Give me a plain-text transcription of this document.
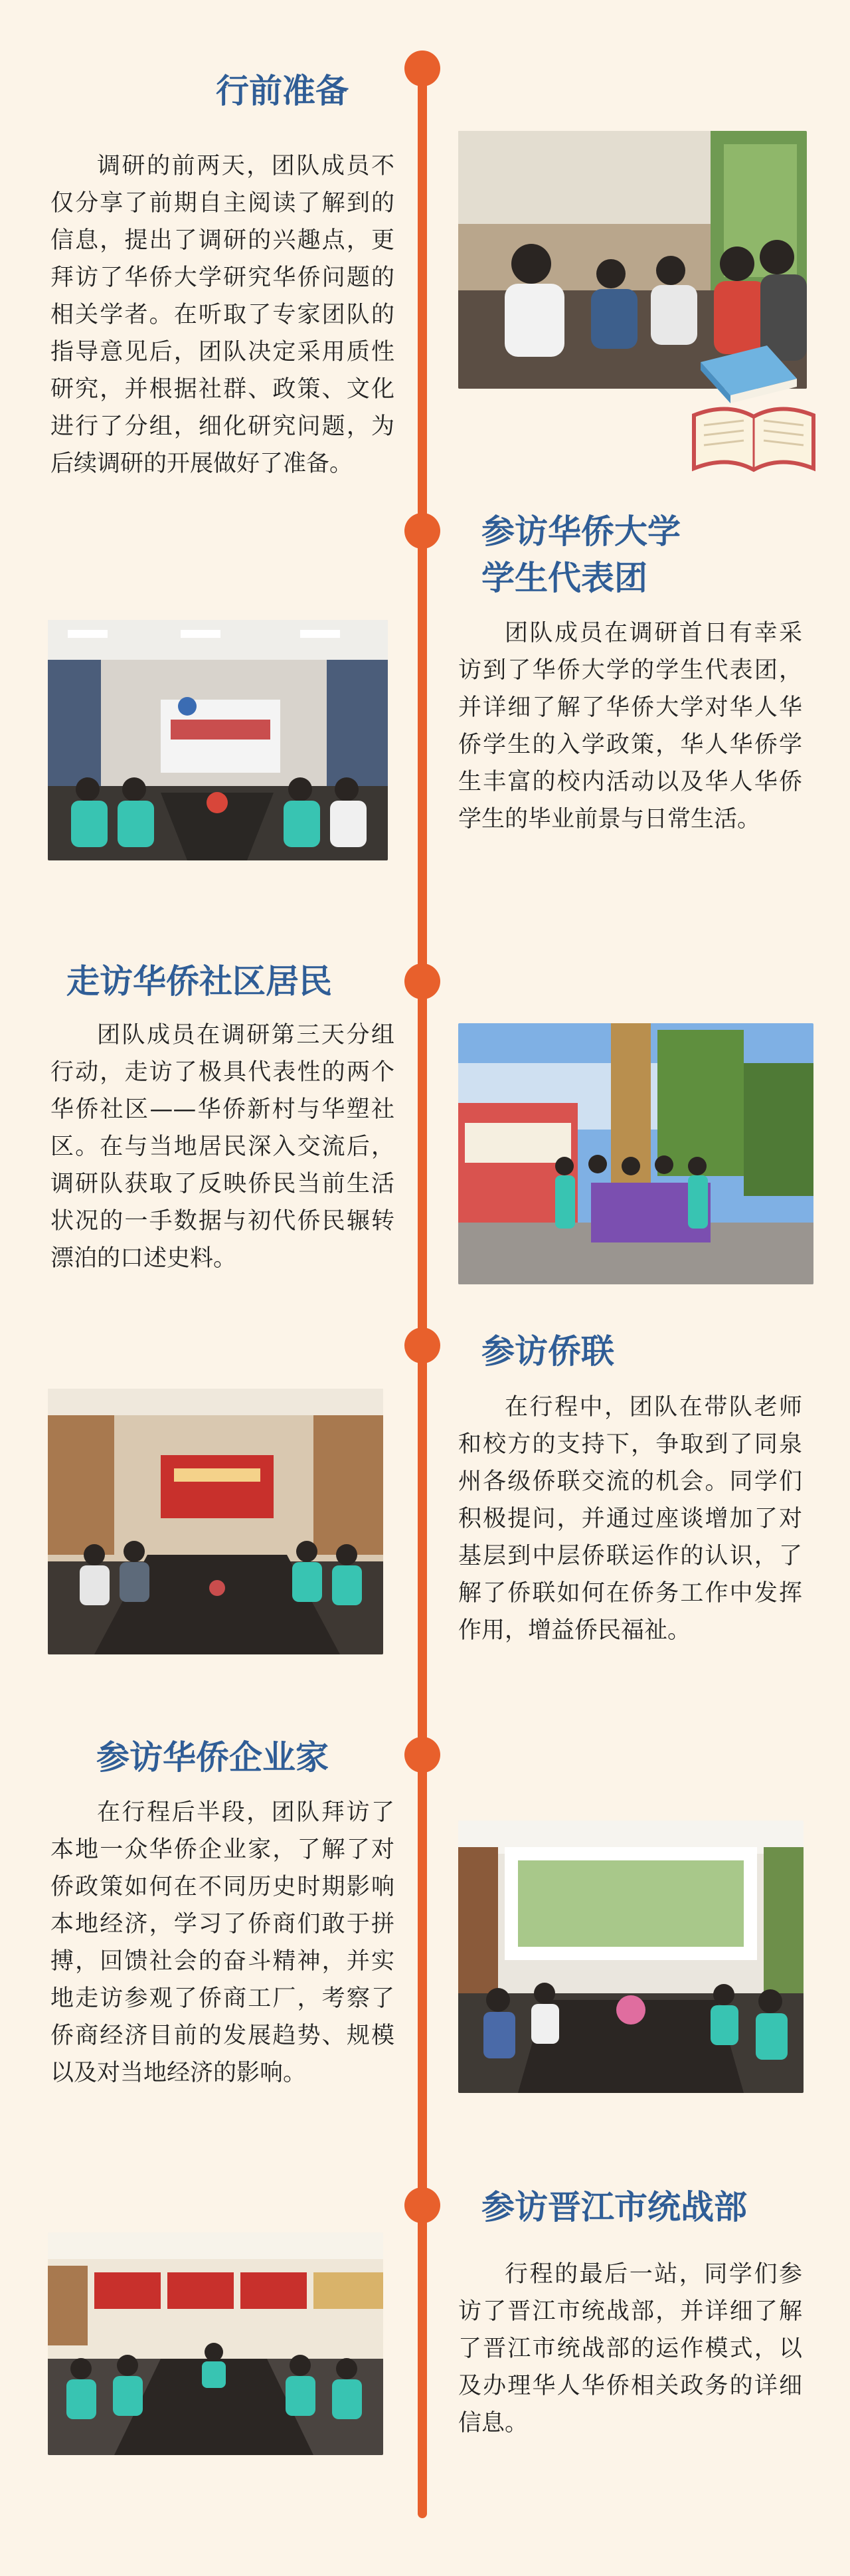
行前准备
调研的前两天，团队成员不仅分享了前期自主阅读了解到的信息，提出了调研的兴趣点，更拜访了华侨大学研究华侨问题的相关学者。在听取了专家团队的指导意见后，团队决定采用质性研究，并根据社群、政策、文化进行了分组，细化研究问题，为后续调研的开展做好了准备。
参访华侨大学
学生代表团
团队成员在调研首日有幸采访到了华侨大学的学生代表团，并详细了解了华侨大学对华人华侨学生的入学政策，华人华侨学生丰富的校内活动以及华人华侨学生的毕业前景与日常生活。
走访华侨社区居民
团队成员在调研第三天分组行动，走访了极具代表性的两个华侨社区——华侨新村与华塑社区。在与当地居民深入交流后，调研队获取了反映侨民当前生活状况的一手数据与初代侨民辗转漂泊的口述史料。
参访侨联
在行程中，团队在带队老师和校方的支持下，争取到了同泉州各级侨联交流的机会。同学们积极提问，并通过座谈增加了对基层到中层侨联运作的认识，了解了侨联如何在侨务工作中发挥作用，增益侨民福祉。
参访华侨企业家
在行程后半段，团队拜访了本地一众华侨企业家，了解了对侨政策如何在不同历史时期影响本地经济，学习了侨商们敢于拼搏，回馈社会的奋斗精神，并实地走访参观了侨商工厂，考察了侨商经济目前的发展趋势、规模以及对当地经济的影响。
参访晋江市统战部
行程的最后一站，同学们参访了晋江市统战部，并详细了解了晋江市统战部的运作模式，以及办理华人华侨相关政务的详细信息。
